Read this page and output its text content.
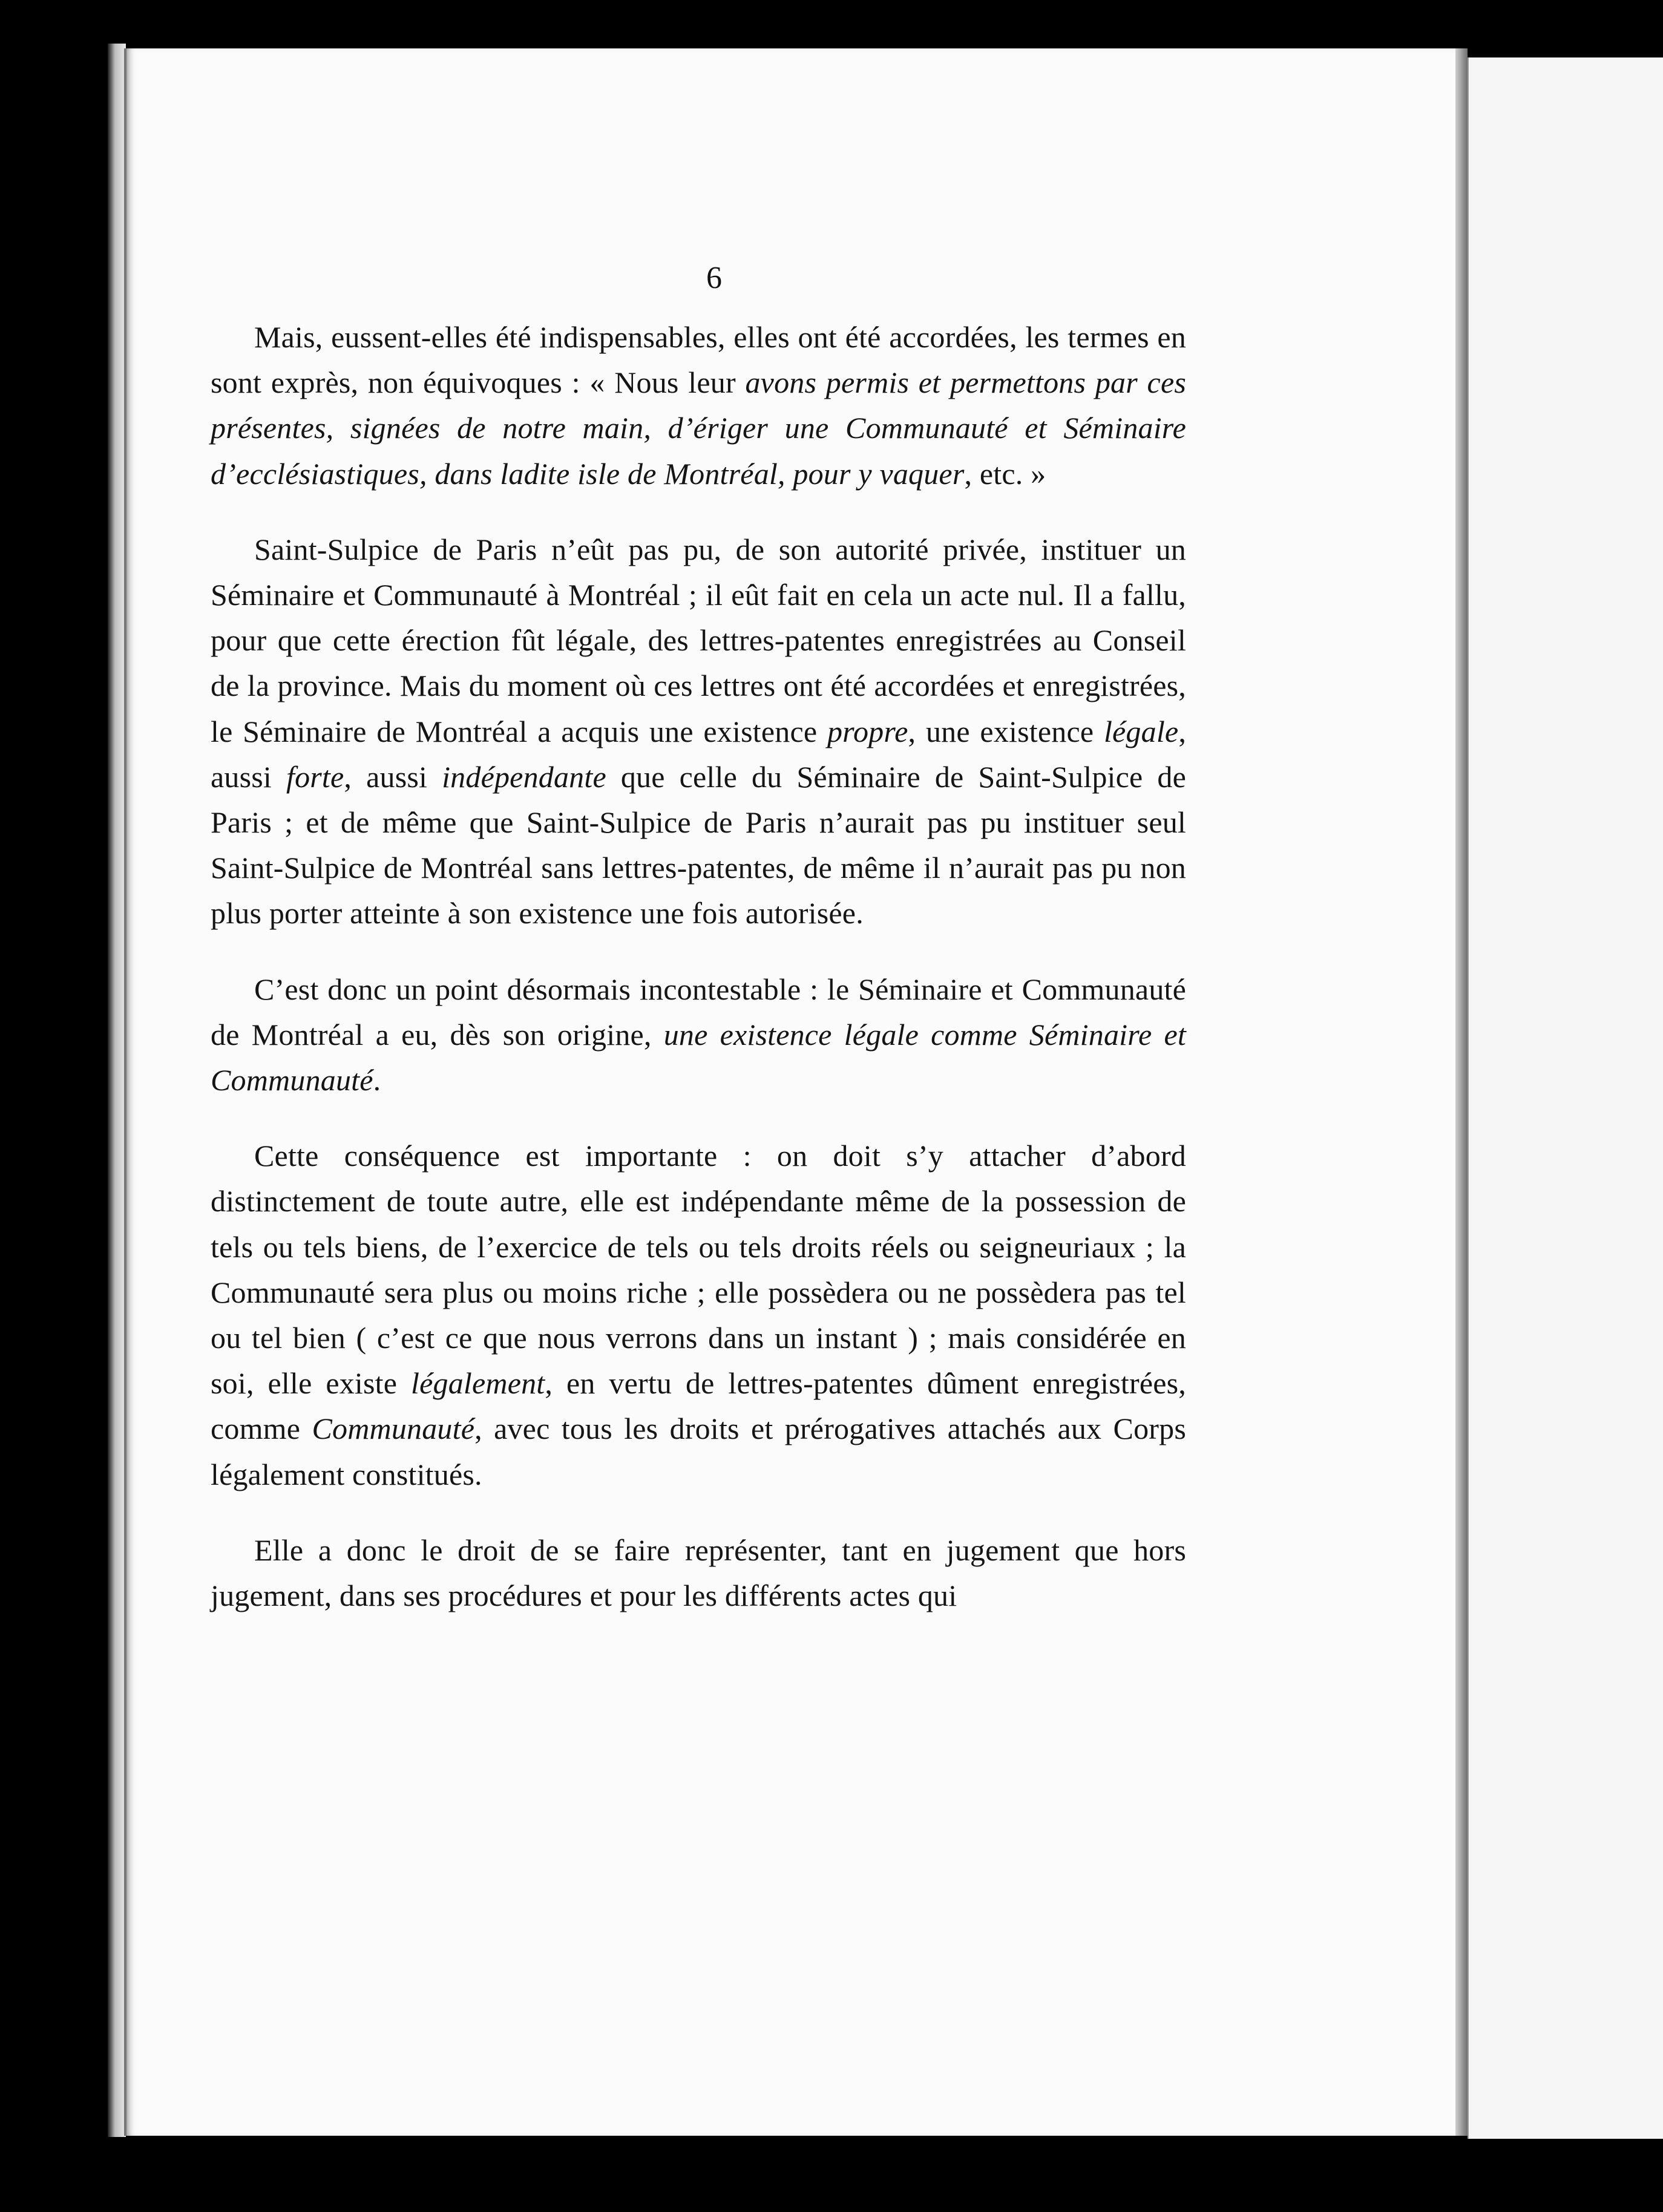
6

Mais, eussent-elles été indispensables, elles ont été accordées, les termes en sont exprès, non équivoques : « Nous leur avons permis et permettons par ces présentes, signées de notre main, d’ériger une Communauté et Séminaire d’ecclésiastiques, dans ladite isle de Montréal, pour y vaquer, etc. »

Saint-Sulpice de Paris n’eût pas pu, de son autorité privée, instituer un Séminaire et Communauté à Montréal ; il eût fait en cela un acte nul. Il a fallu, pour que cette érection fût légale, des lettres-patentes enregistrées au Conseil de la province. Mais du moment où ces lettres ont été accordées et enregistrées, le Séminaire de Montréal a acquis une existence propre, une existence légale, aussi forte, aussi indépendante que celle du Séminaire de Saint-Sulpice de Paris ; et de même que Saint-Sulpice de Paris n’aurait pas pu instituer seul Saint-Sulpice de Montréal sans lettres-patentes, de même il n’aurait pas pu non plus porter atteinte à son existence une fois autorisée.

C’est donc un point désormais incontestable : le Séminaire et Communauté de Montréal a eu, dès son origine, une existence légale comme Séminaire et Communauté.

Cette conséquence est importante : on doit s’y attacher d’abord distinctement de toute autre, elle est indépendante même de la possession de tels ou tels biens, de l’exercice de tels ou tels droits réels ou seigneuriaux ; la Communauté sera plus ou moins riche ; elle possèdera ou ne possèdera pas tel ou tel bien ( c’est ce que nous verrons dans un instant ) ; mais considérée en soi, elle existe légalement, en vertu de lettres-patentes dûment enregistrées, comme Communauté, avec tous les droits et prérogatives attachés aux Corps légalement constitués.

Elle a donc le droit de se faire représenter, tant en jugement que hors jugement, dans ses procédures et pour les différents actes qui
